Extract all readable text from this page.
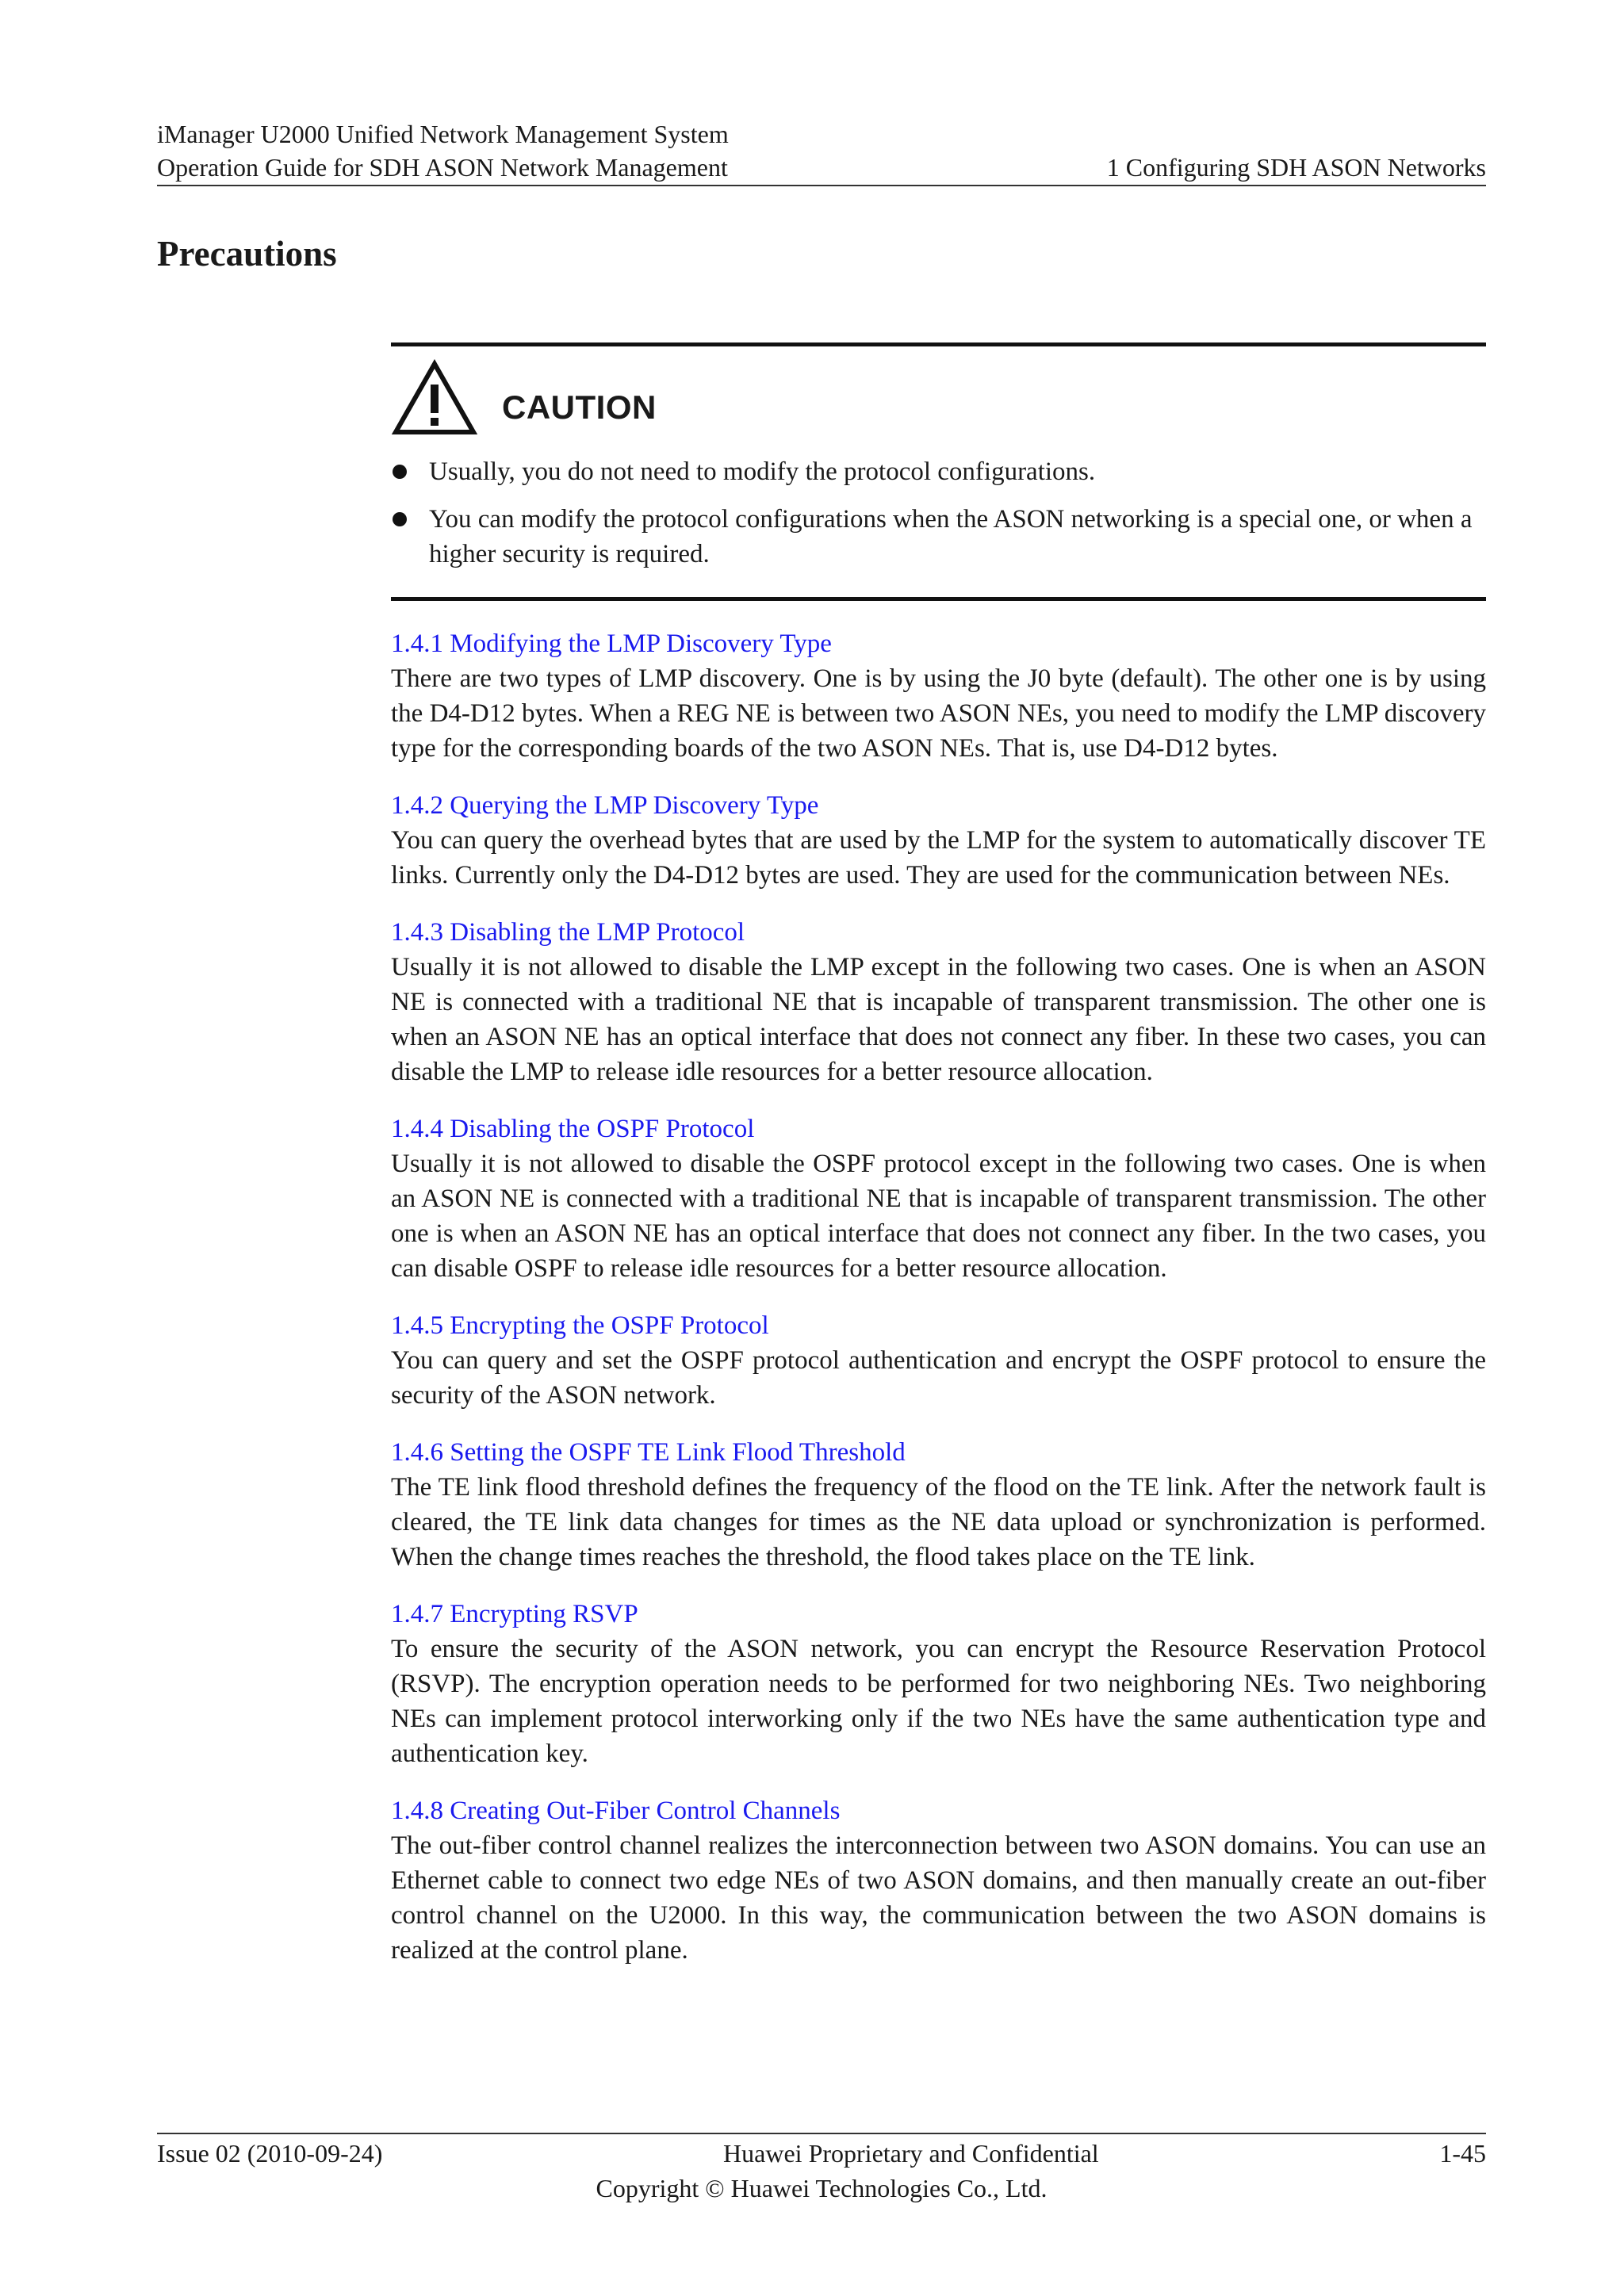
iManager U2000 Unified Network Management System
Operation Guide for SDH ASON Network Management	1 Configuring SDH ASON Networks
Precautions
CAUTION
Usually, you do not need to modify the protocol configurations.
You can modify the protocol configurations when the ASON networking is a special one, or when a higher security is required.
1.4.1 Modifying the LMP Discovery Type
There are two types of LMP discovery. One is by using the J0 byte (default). The other one is by using the D4-D12 bytes. When a REG NE is between two ASON NEs, you need to modify the LMP discovery type for the corresponding boards of the two ASON NEs. That is, use D4-D12 bytes.
1.4.2 Querying the LMP Discovery Type
You can query the overhead bytes that are used by the LMP for the system to automatically discover TE links. Currently only the D4-D12 bytes are used. They are used for the communication between NEs.
1.4.3 Disabling the LMP Protocol
Usually it is not allowed to disable the LMP except in the following two cases. One is when an ASON NE is connected with a traditional NE that is incapable of transparent transmission. The other one is when an ASON NE has an optical interface that does not connect any fiber. In these two cases, you can disable the LMP to release idle resources for a better resource allocation.
1.4.4 Disabling the OSPF Protocol
Usually it is not allowed to disable the OSPF protocol except in the following two cases. One is when an ASON NE is connected with a traditional NE that is incapable of transparent transmission. The other one is when an ASON NE has an optical interface that does not connect any fiber. In the two cases, you can disable OSPF to release idle resources for a better resource allocation.
1.4.5 Encrypting the OSPF Protocol
You can query and set the OSPF protocol authentication and encrypt the OSPF protocol to ensure the security of the ASON network.
1.4.6 Setting the OSPF TE Link Flood Threshold
The TE link flood threshold defines the frequency of the flood on the TE link. After the network fault is cleared, the TE link data changes for times as the NE data upload or synchronization is performed. When the change times reaches the threshold, the flood takes place on the TE link.
1.4.7 Encrypting RSVP
To ensure the security of the ASON network, you can encrypt the Resource Reservation Protocol (RSVP). The encryption operation needs to be performed for two neighboring NEs. Two neighboring NEs can implement protocol interworking only if the two NEs have the same authentication type and authentication key.
1.4.8 Creating Out-Fiber Control Channels
The out-fiber control channel realizes the interconnection between two ASON domains. You can use an Ethernet cable to connect two edge NEs of two ASON domains, and then manually create an out-fiber control channel on the U2000. In this way, the communication between the two ASON domains is realized at the control plane.
Issue 02 (2010-09-24)	Huawei Proprietary and Confidential	1-45
Copyright © Huawei Technologies Co., Ltd.
